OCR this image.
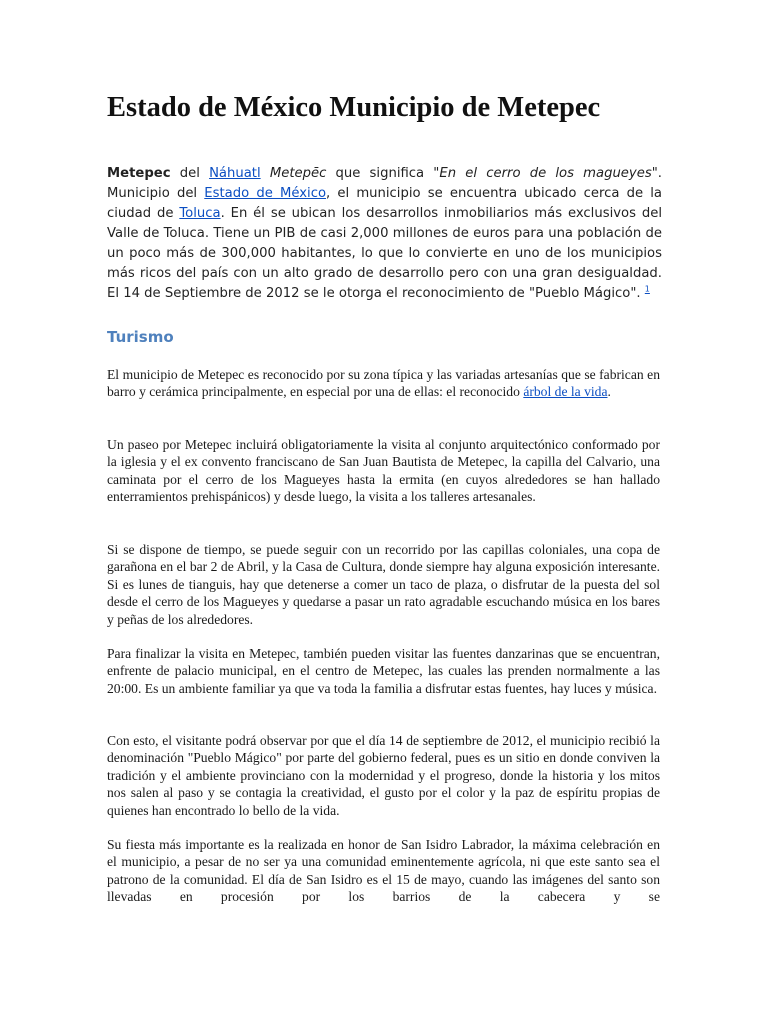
Estado de México Municipio de Metepec

Metepec del Náhuatl Metepēc que significa "En el cerro de los magueyes". Municipio del Estado de México, el municipio se encuentra ubicado cerca de la ciudad de Toluca. En él se ubican los desarrollos inmobiliarios más exclusivos del Valle de Toluca. Tiene un PIB de casi 2,000 millones de euros para una población de un poco más de 300,000 habitantes, lo que lo convierte en uno de los municipios más ricos del país con un alto grado de desarrollo pero con una gran desigualdad. El 14 de Septiembre de 2012 se le otorga el reconocimiento de "Pueblo Mágico". $^1$

Turismo

El municipio de Metepec es reconocido por su zona típica y las variadas artesanías que se fabrican en barro y cerámica principalmente, en especial por una de ellas: el reconocido árbol de la vida.

Un paseo por Metepec incluirá obligatoriamente la visita al conjunto arquitectónico conformado por la iglesia y el ex convento franciscano de San Juan Bautista de Metepec, la capilla del Calvario, una caminata por el cerro de los Magueyes hasta la ermita (en cuyos alrededores se han hallado enterramientos prehispánicos) y desde luego, la visita a los talleres artesanales.

Si se dispone de tiempo, se puede seguir con un recorrido por las capillas coloniales, una copa de garañona en el bar 2 de Abril, y la Casa de Cultura, donde siempre hay alguna exposición interesante. Si es lunes de tianguis, hay que detenerse a comer un taco de plaza, o disfrutar de la puesta del sol desde el cerro de los Magueyes y quedarse a pasar un rato agradable escuchando música en los bares y peñas de los alrededores.

Para finalizar la visita en Metepec, también pueden visitar las fuentes danzarinas que se encuentran, enfrente de palacio municipal, en el centro de Metepec, las cuales las prenden normalmente a las 20:00. Es un ambiente familiar ya que va toda la familia a disfrutar estas fuentes, hay luces y música.

Con esto, el visitante podrá observar por que el día 14 de septiembre de 2012, el municipio recibió la denominación "Pueblo Mágico" por parte del gobierno federal, pues es un sitio en donde conviven la tradición y el ambiente provinciano con la modernidad y el progreso, donde la historia y los mitos nos salen al paso y se contagia la creatividad, el gusto por el color y la paz de espíritu propias de quienes han encontrado lo bello de la vida.

Su fiesta más importante es la realizada en honor de San Isidro Labrador, la máxima celebración en el municipio, a pesar de no ser ya una comunidad eminentemente agrícola, ni que este santo sea el patrono de la comunidad. El día de San Isidro es el 15 de mayo, cuando las imágenes del santo son llevadas en procesión por los barrios de la cabecera y se
